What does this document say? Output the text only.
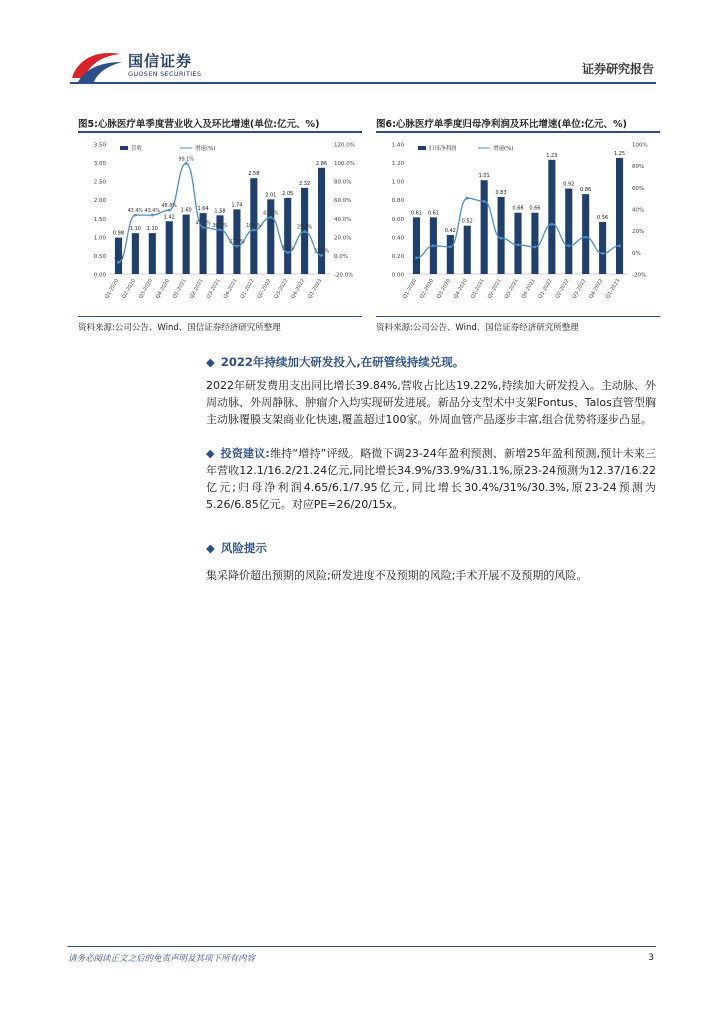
国信证券
GUOSEN SECURITIES	证券研究报告
图5:心脉医疗单季度营业收入及环比增速(单位:亿元、%)
3.50
3.00
2.50
2.00
1.50
1.00
0.50
0.00
120.0%
100.0%
80.0%
60.0%
40.0%
20.0%
0.0%
-20.0%
营收	增速(%)
0.98
1.10 1.10
1.42
1.60 1.64 1.58
1.74
2.58
2.01 2.05
2.32
2.86
-7.4
43.4% 43.4%
48.8%
99.1%
47.8% 30.1%
27.5%
10.0%
41.0%
3.1%
25.6%
33.8%
Q1-2020 Q2-2020 Q3-2020 Q4-2020 Q1-2021 Q2-2021 Q3-2021 Q4-2021 Q1-2022 Q2-2022 Q3-2022 Q4-2022 Q1-2023
资料来源:公司公告、Wind、国信证券经济研究所整理
图6:心脉医疗单季度归母净利润及环比增速(单位:亿元、%)
1.40
1.20
1.00
0.80
0.60
0.40
0.20
0.00
100%
80%
60%
40%
20%
0%
-20%
归母净利润	增速(%)
0.61 0.61
0.42
0.52
1.01
0.83
0.66 0.66
1.23
0.92
0.86
0.56
1.25
Q1-2020 Q2-2020 Q3-2020 Q4-2020 Q1-2021 Q2-2021 Q3-2021 Q4-2021 Q1-2022 Q2-2022 Q3-2022 Q4-2022 Q1-2023
资料来源:公司公告、Wind、国信证券经济研究所整理
◆ 2022年持续加大研发投入,在研管线持续兑现。
2022年研发费用支出同比增长39.84%,营收占比达19.22%,持续加大研发投入。主动脉、外周动脉、外周静脉、肿瘤介入均实现研发进展。新品分支型术中支架Fontus、Talos直管型胸主动脉覆膜支架商业化快速,覆盖超过100家。外周血管产品逐步丰富,组合优势将逐步凸显。
◆ 投资建议:维持“增持”评级。略微下调23-24年盈利预测、新增25年盈利预测,预计未来三年营收12.1/16.2/21.24亿元,同比增长34.9%/33.9%/31.1%,原23-24预测为12.37/16.22亿元;归母净利润4.65/6.1/7.95亿元,同比增长30.4%/31%/30.3%,原23-24预测为5.26/6.85亿元。对应PE=26/20/15x。
◆ 风险提示
集采降价超出预期的风险;研发进度不及预期的风险;手术开展不及预期的风险。
请务必阅读正文之后的免责声明及其项下所有内容	3
